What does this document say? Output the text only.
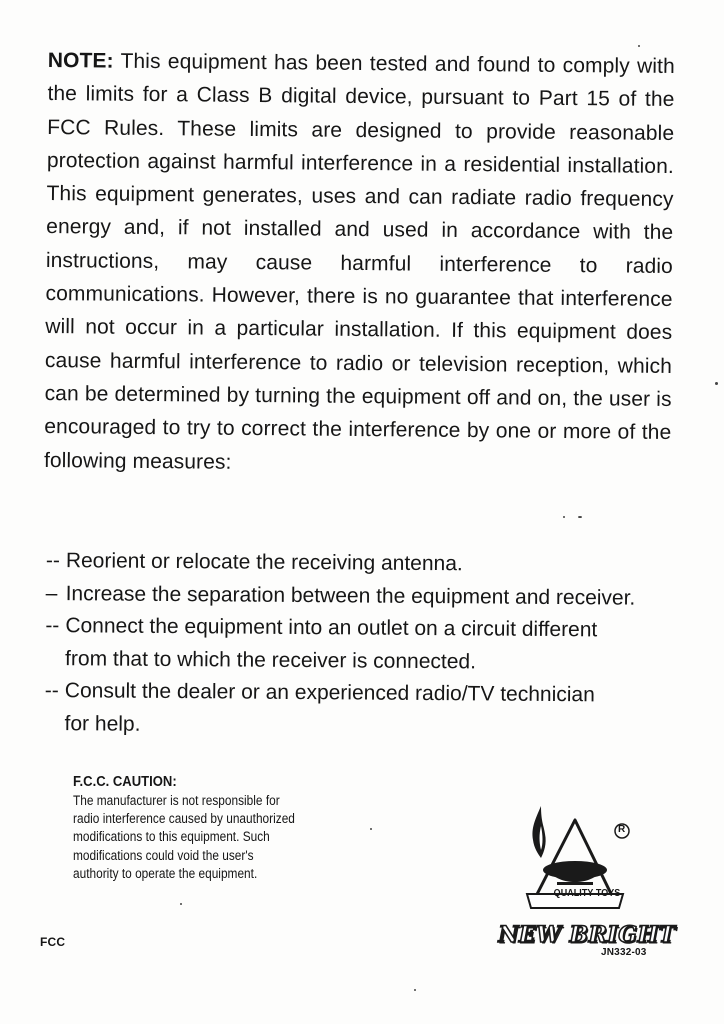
NOTE: This equipment has been tested and found to comply with the limits for a Class B digital device, pursuant to Part 15 of the FCC Rules. These limits are designed to provide reasonable protection against harmful interference in a residential installation. This equipment generates, uses and can radiate radio frequency energy and, if not installed and used in accordance with the instructions, may cause harmful interference to radio communications. However, there is no guarantee that interference will not occur in a particular installation. If this equipment does cause harmful interference to radio or television reception, which can be determined by turning the equipment off and on, the user is encouraged to try to correct the interference by one or more of the following measures:

-- Reorient or relocate the receiving antenna.
– Increase the separation between the equipment and receiver.
-- Connect the equipment into an outlet on a circuit different
from that to which the receiver is connected.
-- Consult the dealer or an experienced radio/TV technician
for help.
F.C.C. CAUTION:
The manufacturer is not responsible for
radio interference caused by unauthorized
modifications to this equipment. Such
modifications could void the user's
authority to operate the equipment.
FCC
R
QUALITY TOYS
NEW BRIGHT
JN332-03
